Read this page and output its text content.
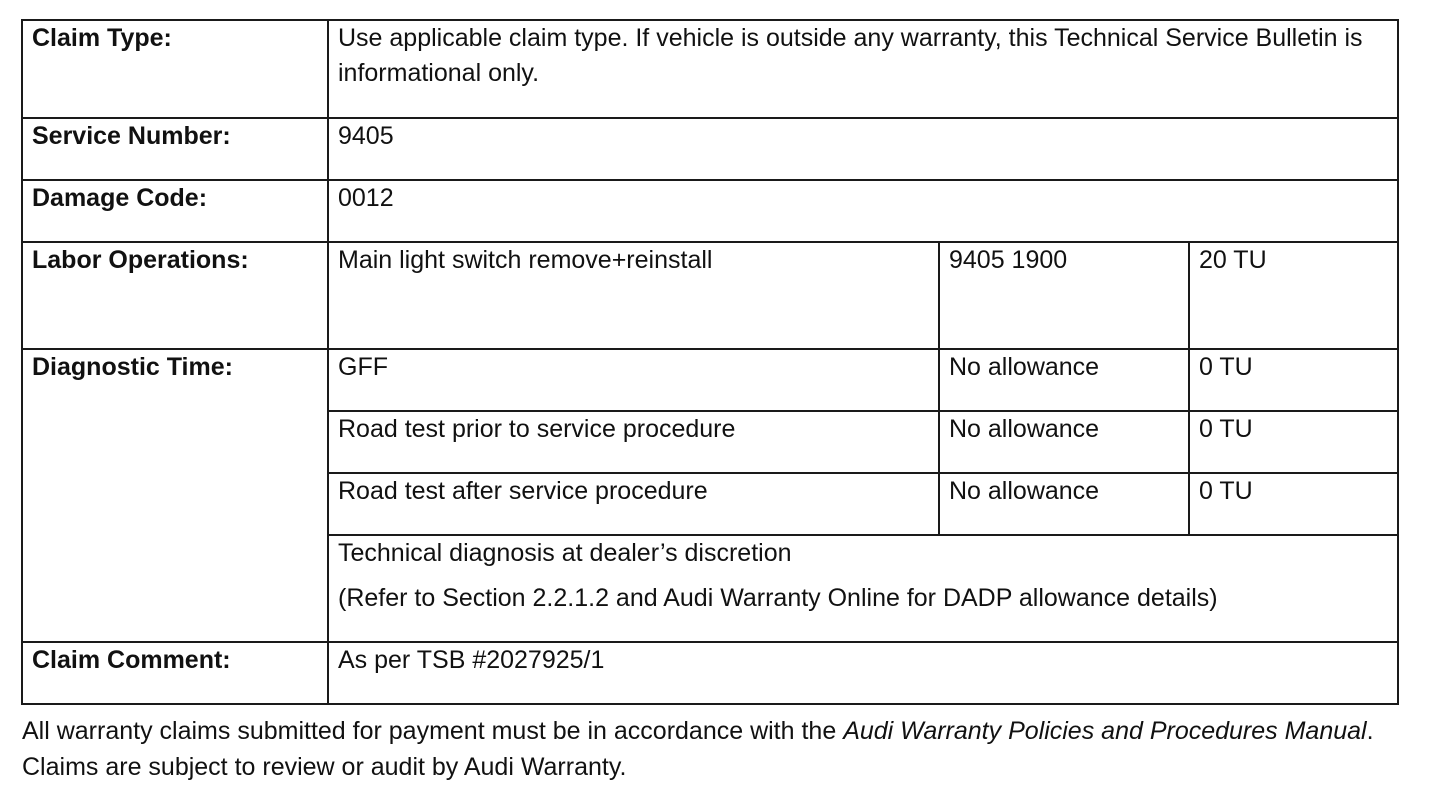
Claim Type:	Use applicable claim type. If vehicle is outside any warranty, this Technical Service Bulletin is informational only.		
Service Number:	9405		
Damage Code:	0012		
Labor Operations:	Main light switch remove+reinstall	9405 1900	20 TU
Diagnostic Time:	GFF	No allowance	0 TU
	Road test prior to service procedure	No allowance	0 TU
	Road test after service procedure	No allowance	0 TU
	Technical diagnosis at dealer’s discretion
(Refer to Section 2.2.1.2 and Audi Warranty Online for DADP allowance details)		

Claim Comment:	As per TSB #2027925/1		

All warranty claims submitted for payment must be in accordance with the Audi Warranty Policies and Procedures Manual. Claims are subject to review or audit by Audi Warranty.
